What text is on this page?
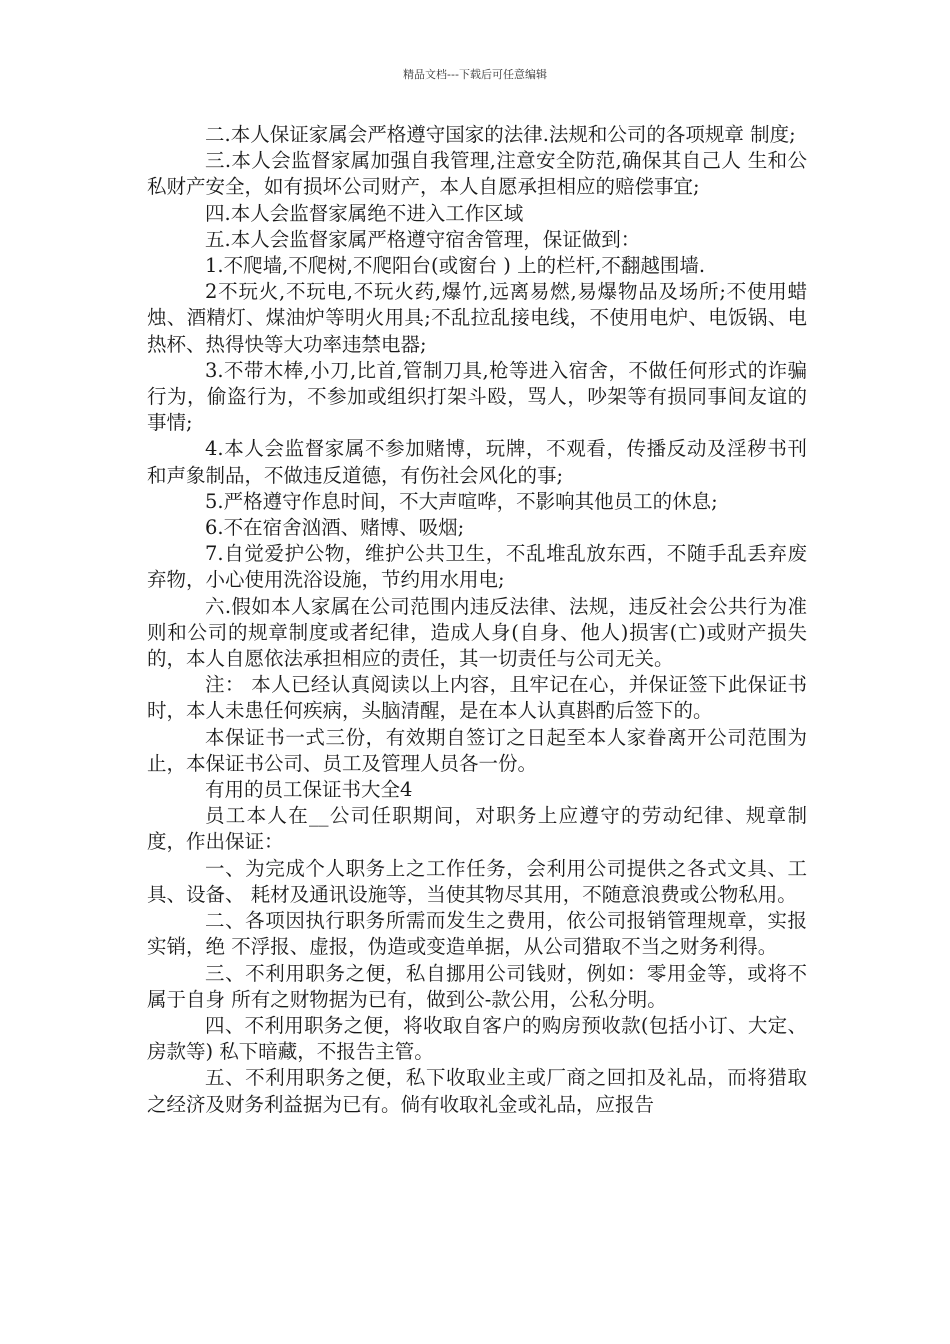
精品文档---下载后可任意编辑

二.本人保证家属会严格遵守国家的法律.法规和公司的各项规章 制度;

三.本人会监督家属加强自我管理,注意安全防范,确保其自己人 生和公私财产安全，如有损坏公司财产，本人自愿承担相应的赔偿事宜;

四.本人会监督家属绝不进入工作区域

五.本人会监督家属严格遵守宿舍管理，保证做到：

1.不爬墙,不爬树,不爬阳台(或窗台 ) 上的栏杆,不翻越围墙.

2不玩火,不玩电,不玩火药,爆竹,远离易燃,易爆物品及场所;不使用蜡烛、酒精灯、煤油炉等明火用具;不乱拉乱接电线，不使用电炉、电饭锅、电热杯、热得快等大功率违禁电器;

3.不带木棒,小刀,比首,管制刀具,枪等进入宿舍，不做任何形式的诈骗行为，偷盗行为，不参加或组织打架斗殴，骂人，吵架等有损同事间友谊的事情;

4.本人会监督家属不参加赌博，玩牌，不观看，传播反动及淫秽书刊和声象制品，不做违反道德，有伤社会风化的事;

5.严格遵守作息时间，不大声喧哗，不影响其他员工的休息;

6.不在宿舍汹酒、赌博、吸烟;

7.自觉爱护公物，维护公共卫生，不乱堆乱放东西，不随手乱丢弃废弃物，小心使用洗浴设施，节约用水用电;

六.假如本人家属在公司范围内违反法律、法规，违反社会公共行为准则和公司的规章制度或者纪律，造成人身(自身、他人)损害(亡)或财产损失的，本人自愿依法承担相应的责任，其一切责任与公司无关。

注： 本人已经认真阅读以上内容，且牢记在心，并保证签下此保证书时，本人未患任何疾病，头脑清醒，是在本人认真斟酌后签下的。

本保证书一式三份，有效期自签订之日起至本人家眷离开公司范围为止，本保证书公司、员工及管理人员各一份。

有用的员工保证书大全4

员工本人在__公司任职期间，对职务上应遵守的劳动纪律、规章制度，作出保证：

一、为完成个人职务上之工作任务，会利用公司提供之各式文具、工具、设备、 耗材及通讯设施等，当使其物尽其用，不随意浪费或公物私用。

二、各项因执行职务所需而发生之费用，依公司报销管理规章，实报实销，绝 不浮报、虚报，伪造或变造单据，从公司猎取不当之财务利得。

三、不利用职务之便，私自挪用公司钱财，例如：零用金等，或将不属于自身 所有之财物据为已有，做到公-款公用，公私分明。

四、不利用职务之便，将收取自客户的购房预收款(包括小订、大定、房款等) 私下暗藏，不报告主管。

五、不利用职务之便，私下收取业主或厂商之回扣及礼品，而将猎取之经济及财务利益据为已有。倘有收取礼金或礼品，应报告
